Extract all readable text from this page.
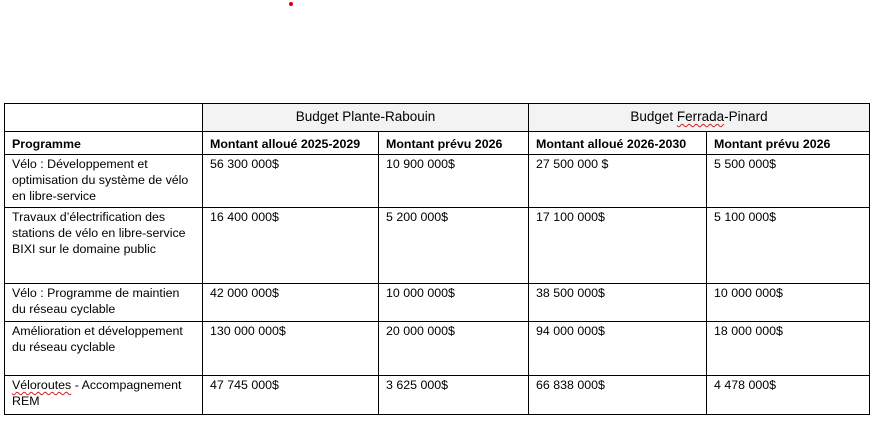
	Budget Plante-Rabouin		Budget Ferrada-Pinard	
Programme	Montant alloué 2025-2029	Montant prévu 2026	Montant alloué 2026-2030	Montant prévu 2026
Vélo : Développement et optimisation du système de vélo en libre-service	56 300 000$	10 900 000$	27 500 000 $	5 500 000$
Travaux d’électrification des stations de vélo en libre-service BIXI sur le domaine public	16 400 000$	5 200 000$	17 100 000$	5 100 000$
Vélo : Programme de maintien du réseau cyclable	42 000 000$	10 000 000$	38 500 000$	10 000 000$
Amélioration et développement du réseau cyclable	130 000 000$	20 000 000$	94 000 000$	18 000 000$
Véloroutes - Accompagnement REM	47 745 000$	3 625 000$	66 838 000$	4 478 000$
